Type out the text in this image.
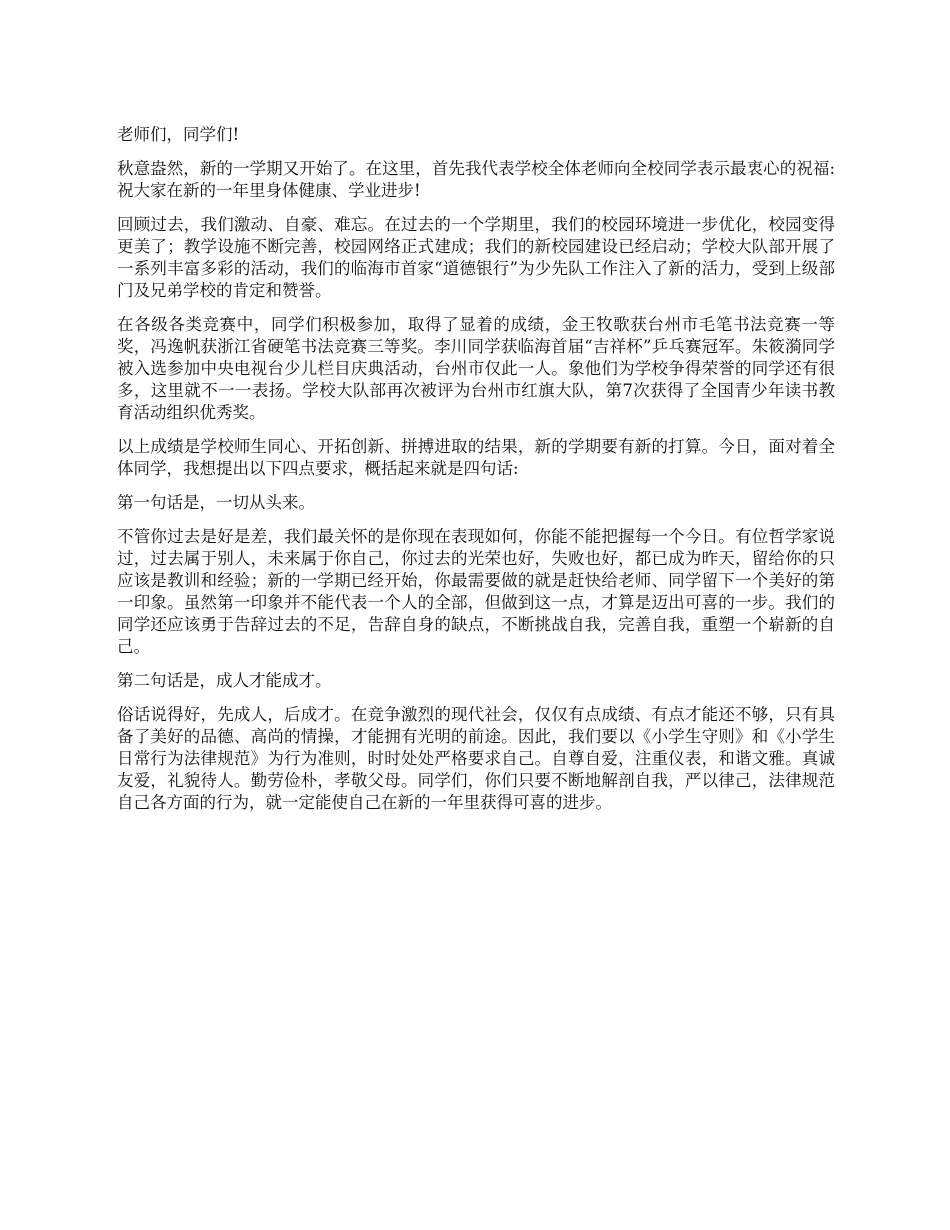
老师们，同学们!

秋意盎然，新的一学期又开始了。在这里，首先我代表学校全体老师向全校同学表示最衷心的祝福:祝大家在新的一年里身体健康、学业进步!

回顾过去，我们激动、自豪、难忘。在过去的一个学期里，我们的校园环境进一步优化，校园变得更美了；教学设施不断完善，校园网络正式建成；我们的新校园建设已经启动；学校大队部开展了一系列丰富多彩的活动，我们的临海市首家“道德银行”为少先队工作注入了新的活力，受到上级部门及兄弟学校的肯定和赞誉。

在各级各类竞赛中，同学们积极参加，取得了显着的成绩，金王牧歌获台州市毛笔书法竞赛一等奖，冯逸帆获浙江省硬笔书法竞赛三等奖。李川同学获临海首届“吉祥杯”乒乓赛冠军。朱筱漪同学被入选参加中央电视台少儿栏目庆典活动，台州市仅此一人。象他们为学校争得荣誉的同学还有很多，这里就不一一表扬。学校大队部再次被评为台州市红旗大队，第7次获得了全国青少年读书教育活动组织优秀奖。

以上成绩是学校师生同心、开拓创新、拼搏进取的结果，新的学期要有新的打算。今日，面对着全体同学，我想提出以下四点要求，概括起来就是四句话:

第一句话是，一切从头来。

不管你过去是好是差，我们最关怀的是你现在表现如何，你能不能把握每一个今日。有位哲学家说过，过去属于别人，未来属于你自己，你过去的光荣也好，失败也好，都已成为昨天，留给你的只应该是教训和经验；新的一学期已经开始，你最需要做的就是赶快给老师、同学留下一个美好的第一印象。虽然第一印象并不能代表一个人的全部，但做到这一点，才算是迈出可喜的一步。我们的同学还应该勇于告辞过去的不足，告辞自身的缺点，不断挑战自我，完善自我，重塑一个崭新的自己。

第二句话是，成人才能成才。

俗话说得好，先成人，后成才。在竞争激烈的现代社会，仅仅有点成绩、有点才能还不够，只有具备了美好的品德、高尚的情操，才能拥有光明的前途。因此，我们要以《小学生守则》和《小学生日常行为法律规范》为行为准则，时时处处严格要求自己。自尊自爱，注重仪表，和谐文雅。真诚友爱，礼貌待人。勤劳俭朴，孝敬父母。同学们，你们只要不断地解剖自我，严以律己，法律规范自己各方面的行为，就一定能使自己在新的一年里获得可喜的进步。
